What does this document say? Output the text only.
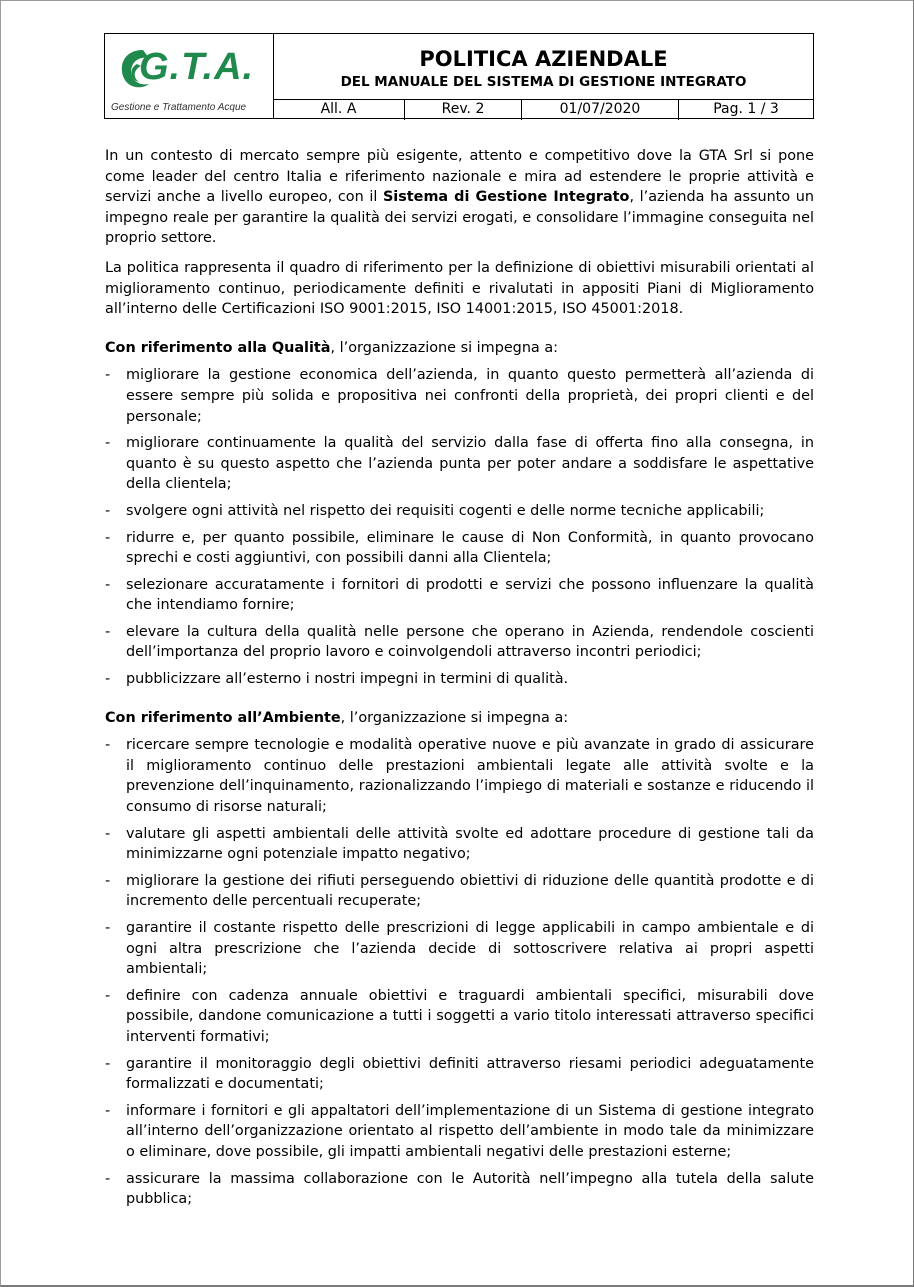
G.T.A.
Gestione e Trattamento Acque
POLITICA AZIENDALE
DEL MANUALE DEL SISTEMA DI GESTIONE INTEGRATO
All. A	Rev. 2	01/07/2020	Pag. 1 / 3

In un contesto di mercato sempre più esigente, attento e competitivo dove la GTA Srl si pone come leader del centro Italia e riferimento nazionale e mira ad estendere le proprie attività e servizi anche a livello europeo, con il Sistema di Gestione Integrato, l’azienda ha assunto un impegno reale per garantire la qualità dei servizi erogati, e consolidare l’immagine conseguita nel proprio settore.

La politica rappresenta il quadro di riferimento per la definizione di obiettivi misurabili orientati al miglioramento continuo, periodicamente definiti e rivalutati in appositi Piani di Miglioramento all’interno delle Certificazioni ISO 9001:2015, ISO 14001:2015, ISO 45001:2018.

Con riferimento alla Qualità, l’organizzazione si impegna a:
- migliorare la gestione economica dell’azienda, in quanto questo permetterà all’azienda di essere sempre più solida e propositiva nei confronti della proprietà, dei propri clienti e del personale;
- migliorare continuamente la qualità del servizio dalla fase di offerta fino alla consegna, in quanto è su questo aspetto che l’azienda punta per poter andare a soddisfare le aspettative della clientela;
- svolgere ogni attività nel rispetto dei requisiti cogenti e delle norme tecniche applicabili;
- ridurre e, per quanto possibile, eliminare le cause di Non Conformità, in quanto provocano sprechi e costi aggiuntivi, con possibili danni alla Clientela;
- selezionare accuratamente i fornitori di prodotti e servizi che possono influenzare la qualità che intendiamo fornire;
- elevare la cultura della qualità nelle persone che operano in Azienda, rendendole coscienti dell’importanza del proprio lavoro e coinvolgendoli attraverso incontri periodici;
- pubblicizzare all’esterno i nostri impegni in termini di qualità.
Con riferimento all’Ambiente, l’organizzazione si impegna a:
- ricercare sempre tecnologie e modalità operative nuove e più avanzate in grado di assicurare il miglioramento continuo delle prestazioni ambientali legate alle attività svolte e la prevenzione dell’inquinamento, razionalizzando l’impiego di materiali e sostanze e riducendo il consumo di risorse naturali;
- valutare gli aspetti ambientali delle attività svolte ed adottare procedure di gestione tali da minimizzarne ogni potenziale impatto negativo;
- migliorare la gestione dei rifiuti perseguendo obiettivi di riduzione delle quantità prodotte e di incremento delle percentuali recuperate;
- garantire il costante rispetto delle prescrizioni di legge applicabili in campo ambientale e di ogni altra prescrizione che l’azienda decide di sottoscrivere relativa ai propri aspetti ambientali;
- definire con cadenza annuale obiettivi e traguardi ambientali specifici, misurabili dove possibile, dandone comunicazione a tutti i soggetti a vario titolo interessati attraverso specifici interventi formativi;
- garantire il monitoraggio degli obiettivi definiti attraverso riesami periodici adeguatamente formalizzati e documentati;
- informare i fornitori e gli appaltatori dell’implementazione di un Sistema di gestione integrato all’interno dell’organizzazione orientato al rispetto dell’ambiente in modo tale da minimizzare o eliminare, dove possibile, gli impatti ambientali negativi delle prestazioni esterne;
- assicurare la massima collaborazione con le Autorità nell’impegno alla tutela della salute pubblica;
